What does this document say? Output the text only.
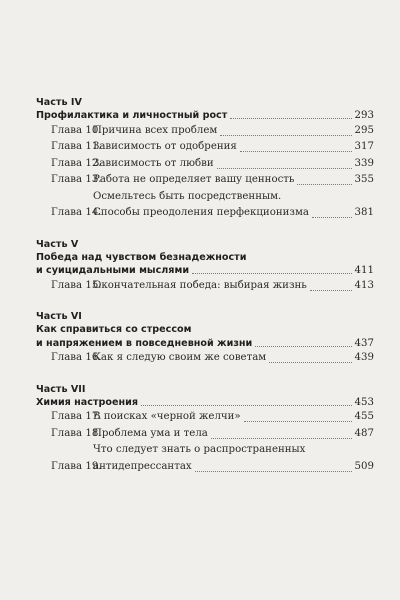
Часть IV
Профилактика и личностный рост	293
Глава 10.
Причина всех проблем	295
Глава 11.
Зависимость от одобрения	317
Глава 12.
Зависимость от любви	339
Глава 13.
Работа не определяет вашу ценность	355
Глава 14.
Осмельтесь быть посредственным.
Способы преодоления перфекционизма	381
Часть V
Победа над чувством безнадежности
и суицидальными мыслями	411
Глава 15.
Окончательная победа: выбирая жизнь	413
Часть VI
Как справиться со стрессом
и напряжением в повседневной жизни	437
Глава 16.
Как я следую своим же советам	439
Часть VII
Химия настроения	453
Глава 17.
В поисках «черной желчи»	455
Глава 18.
Проблема ума и тела	487
Глава 19.
Что следует знать о распространенных
антидепрессантах	509
